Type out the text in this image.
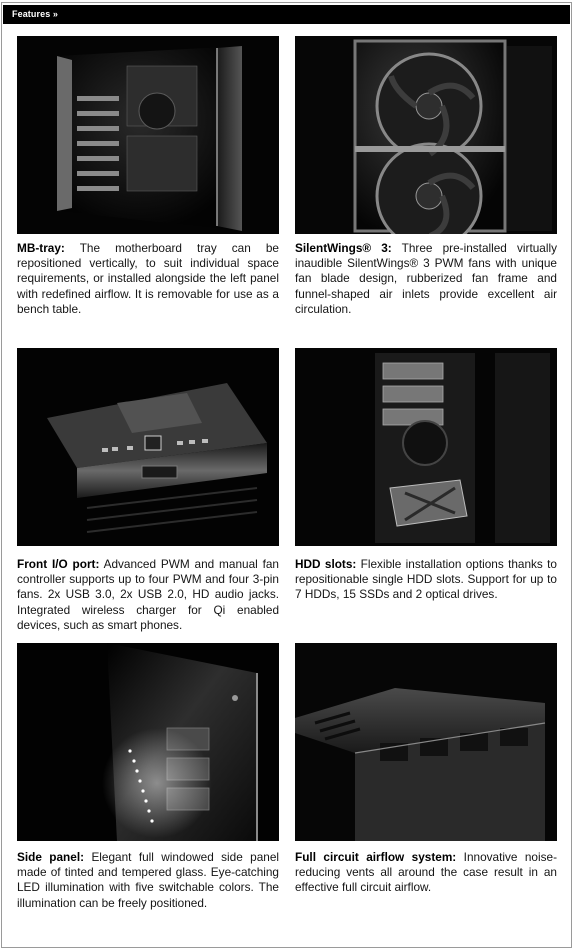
Features »
MB-tray: The motherboard tray can be repositioned vertically, to suit individual space requirements, or installed alongside the left panel with redefined airflow. It is removable for use as a bench table.
SilentWings® 3: Three pre-installed virtually inaudible SilentWings® 3 PWM fans with unique fan blade design, rubberized fan frame and funnel-shaped air inlets provide excellent air circulation.
Front I/O port: Advanced PWM and manual fan controller supports up to four PWM and four 3-pin fans. 2x USB 3.0, 2x USB 2.0, HD audio jacks. Integrated wireless charger for Qi enabled devices, such as smart phones.
HDD slots: Flexible installation options thanks to repositionable single HDD slots. Support for up to 7 HDDs, 15 SSDs and 2 optical drives.
Side panel: Elegant full windowed side panel made of tinted and tempered glass. Eye-catching LED illumination with five switchable colors. The illumination can be freely positioned.
Full circuit airflow system: Innovative noise-reducing vents all around the case result in an effective full circuit airflow.
